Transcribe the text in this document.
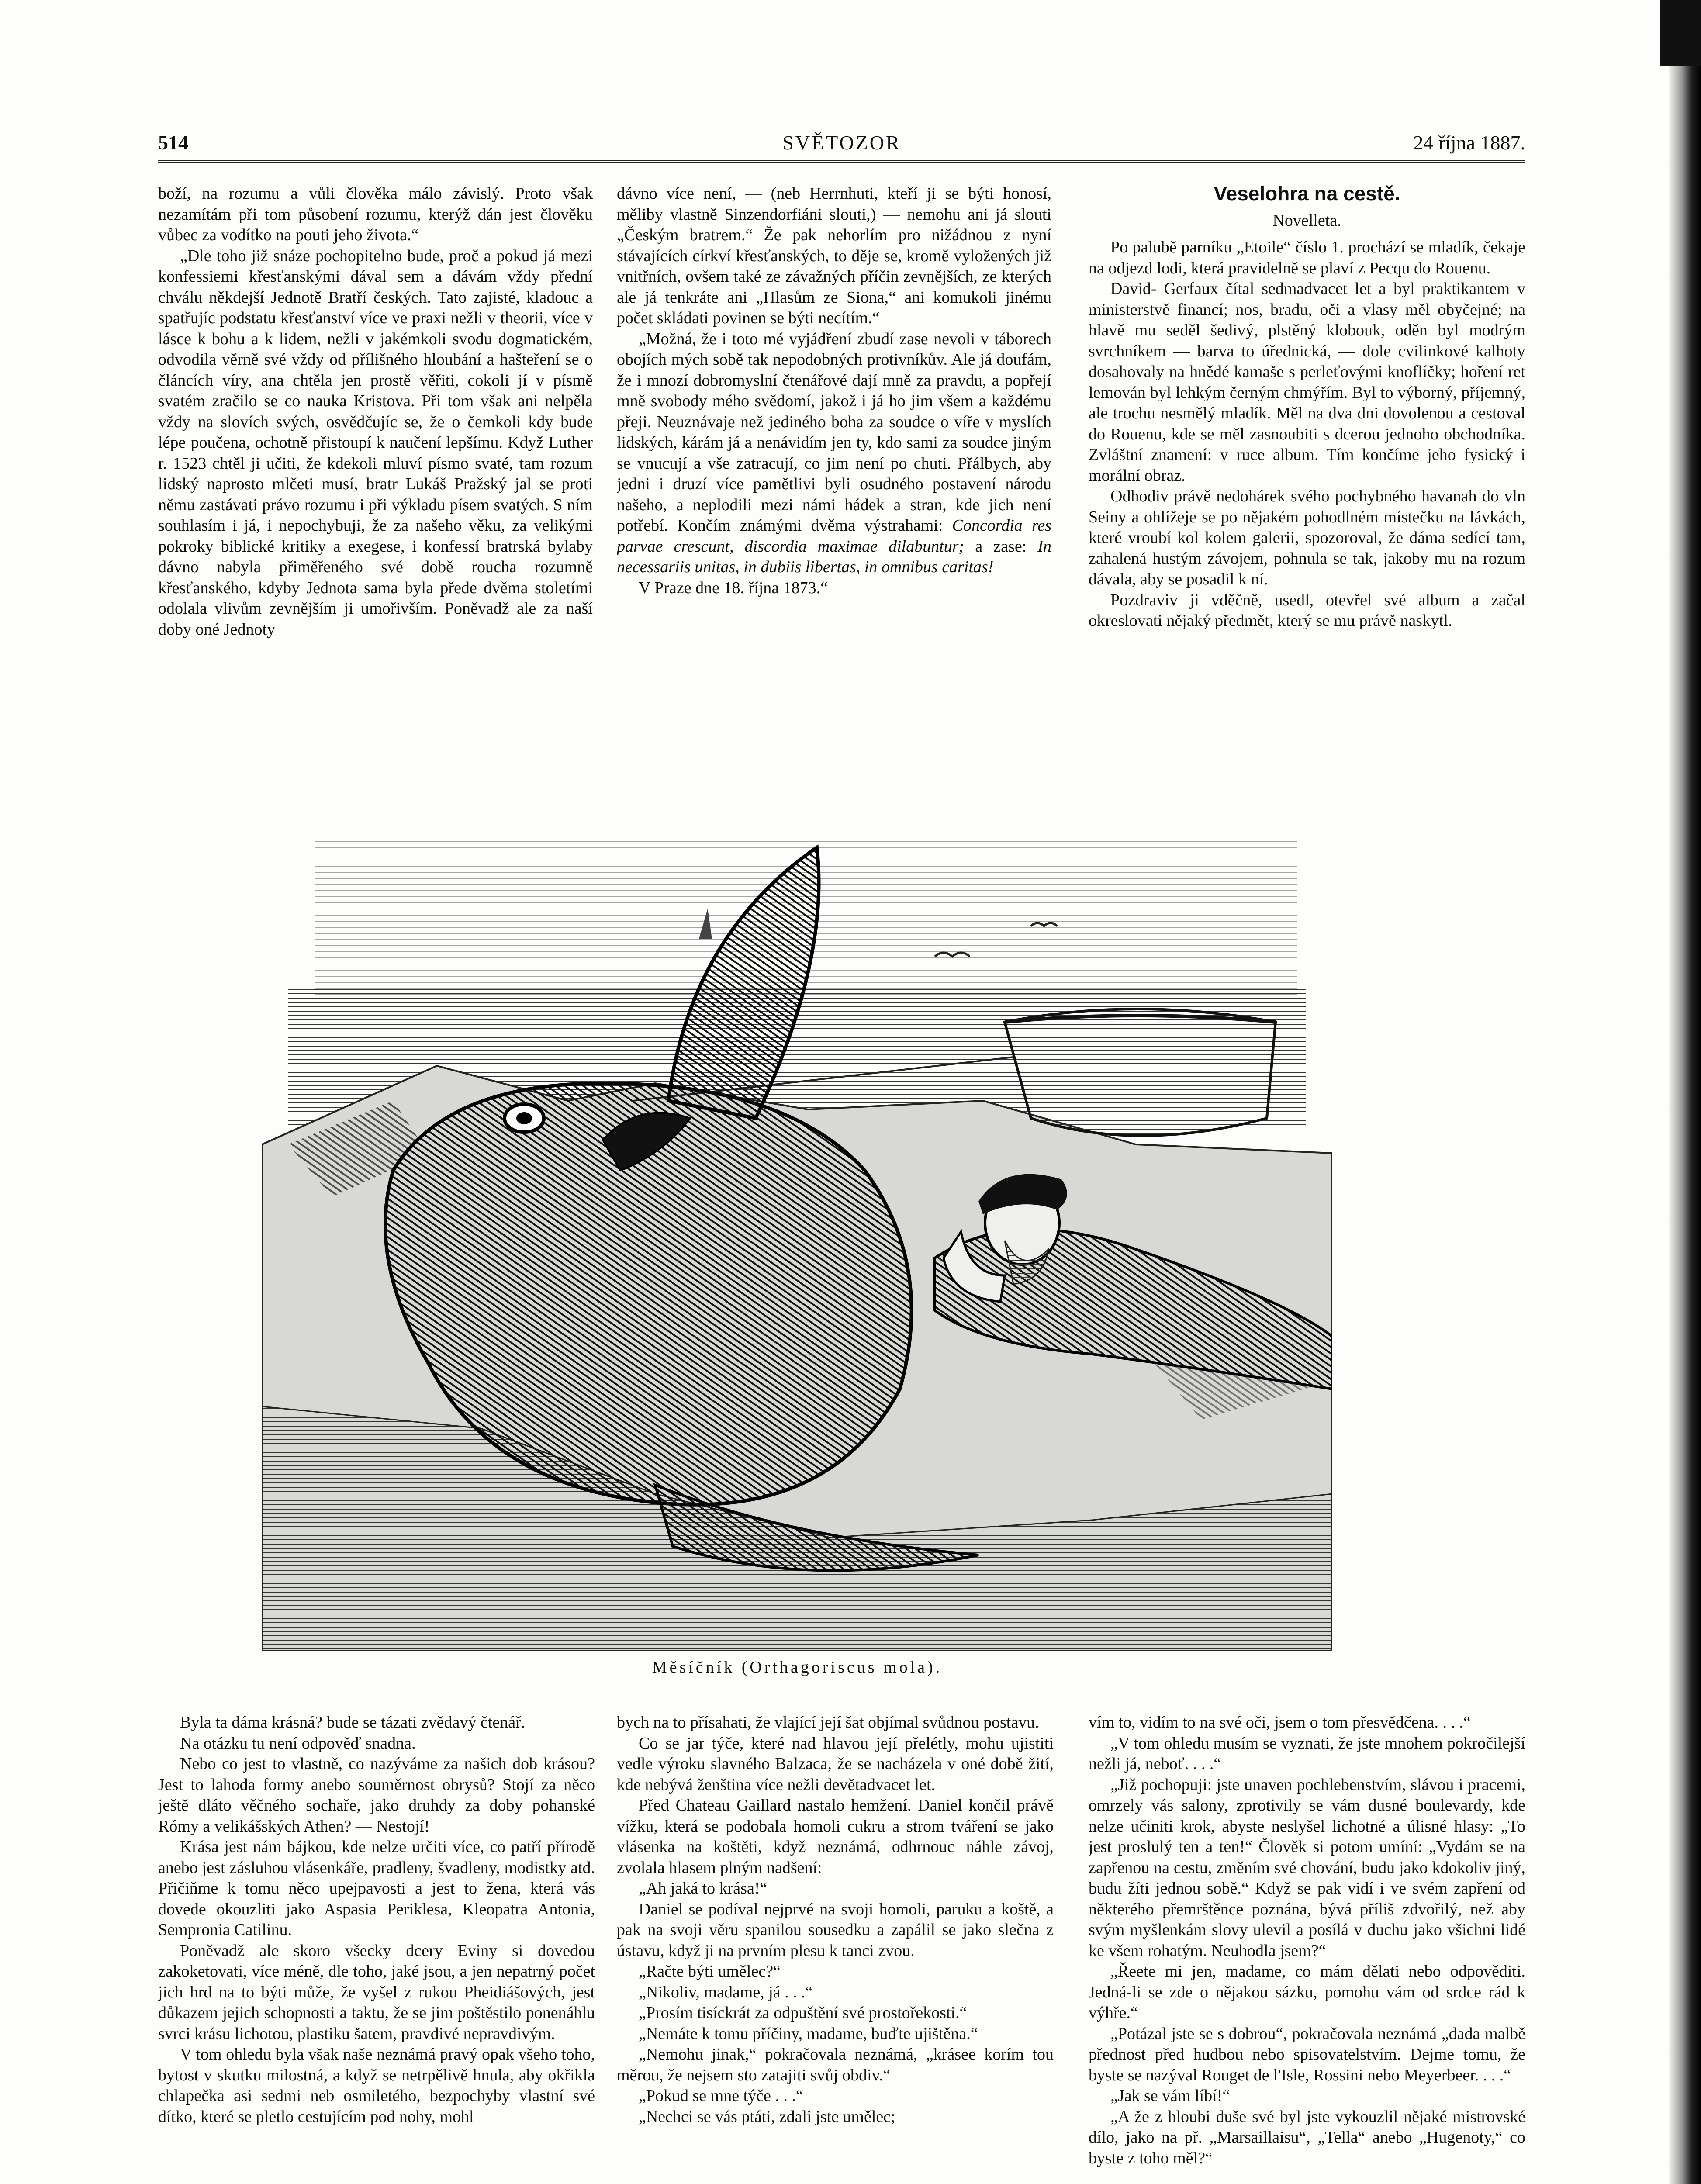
514	SVĚTOZOR	24 října 1887.

boží, na rozumu a vůli člověka málo závislý. Proto však nezamítám při tom působení rozumu, kterýž dán jest člověku vůbec za vodítko na pouti jeho života.“

„Dle toho již snáze pochopitelno bude, proč a pokud já mezi konfessiemi křesťanskými dával sem a dávám vždy přední chválu někdejší Jednotě Bratří českých. Tato zajisté, kladouc a spatřujíc podstatu křesťanství více ve praxi nežli v theorii, více v lásce k bohu a k lidem, nežli v jakémkoli svodu dogmatickém, odvodila věrně své vždy od přílišného hloubání a hašteření se o článcích víry, ana chtěla jen prostě věřiti, cokoli jí v písmě svatém zračilo se co nauka Kristova. Při tom však ani nelpěla vždy na slovích svých, osvědčujíc se, že o čemkoli kdy bude lépe poučena, ochotně přistoupí k naučení lepšímu. Když Luther r. 1523 chtěl ji učiti, že kdekoli mluví písmo svaté, tam rozum lidský naprosto mlčeti musí, bratr Lukáš Pražský jal se proti němu zastávati právo rozumu i při výkladu písem svatých. S ním souhlasím i já, i nepochybuji, že za našeho věku, za velikými pokroky biblické kritiky a exegese, i konfessí bratrská bylaby dávno nabyla přiměřeného své době roucha rozumně křesťanského, kdyby Jednota sama byla přede dvěma stoletími odolala vlivům zevnějším ji umořivším. Poněvadž ale za naší doby oné Jednoty

dávno více není, — (neb Herrnhuti, kteří ji se býti honosí, měliby vlastně Sinzendorfiáni slouti,) — nemohu ani já slouti „Českým bratrem.“ Že pak nehorlím pro nižádnou z nyní stávajících církví křesťanských, to děje se, kromě vyložených již vnitřních, ovšem také ze závažných příčin zevnějších, ze kterých ale já tenkráte ani „Hlasům ze Siona,“ ani komukoli jinému počet skládati povinen se býti necítím.“

„Možná, že i toto mé vyjádření zbudí zase nevoli v táborech obojích mých sobě tak nepodobných protivníkův. Ale já doufám, že i mnozí dobromyslní čtenářové dají mně za pravdu, a popřejí mně svobody mého svědomí, jakož i já ho jim všem a každému přeji. Neuznávaje než jediného boha za soudce o víře v myslích lidských, kárám já a nenávidím jen ty, kdo sami za soudce jiným se vnucují a vše zatracují, co jim není po chuti. Přálbych, aby jedni i druzí více pamětlivi byli osudného postavení národu našeho, a neplodili mezi námi hádek a stran, kde jich není potřebí. Končím známými dvěma výstrahami: Concordia res parvae crescunt, discordia maximae dilabuntur; a zase: In necessariis unitas, in dubiis libertas, in omnibus caritas!

V Praze dne 18. října 1873.“

Veselohra na cestě.
Novelleta.

Po palubě parníku „Etoile“ číslo 1. prochází se mladík, čekaje na odjezd lodi, která pravidelně se plaví z Pecqu do Rouenu.

David- Gerfaux čítal sedmadvacet let a byl praktikantem v ministerstvě financí; nos, bradu, oči a vlasy měl obyčejné; na hlavě mu seděl šedivý, plstěný klobouk, oděn byl modrým svrchníkem — barva to úřednická, — dole cvilinkové kalhoty dosahovaly na hnědé kamaše s perleťovými knoflíčky; hoření ret lemován byl lehkým černým chmýřím. Byl to výborný, příjemný, ale trochu nesmělý mladík. Měl na dva dni dovolenou a cestoval do Rouenu, kde se měl zasnoubiti s dcerou jednoho obchodníka. Zvláštní znamení: v ruce album. Tím končíme jeho fysický i morální obraz.

Odhodiv právě nedohárek svého pochybného havanah do vln Seiny a ohlížeje se po nějakém pohodlném místečku na lávkách, které vroubí kol kolem galerii, spozoroval, že dáma sedící tam, zahalená hustým závojem, pohnula se tak, jakoby mu na rozum dávala, aby se posadil k ní.

Pozdraviv ji vděčně, usedl, otevřel své album a začal okreslovati nějaký předmět, který se mu právě naskytl.

Měsíčník (Orthagoriscus mola).

Byla ta dáma krásná? bude se tázati zvědavý čtenář.

Na otázku tu není odpověď snadna.

Nebo co jest to vlastně, co nazýváme za našich dob krásou? Jest to lahoda formy anebo souměrnost obrysů? Stojí za něco ještě dláto věčného sochaře, jako druhdy za doby pohanské Rómy a velikášských Athen? — Nestojí!

Krása jest nám bájkou, kde nelze určiti více, co patří přírodě anebo jest zásluhou vlásenkáře, pradleny, švadleny, modistky atd. Přičiňme k tomu něco upejpavosti a jest to žena, která vás dovede okouzliti jako Aspasia Periklesa, Kleopatra Antonia, Sempronia Catilinu.

Poněvadž ale skoro všecky dcery Eviny si dovedou zakoketovati, více méně, dle toho, jaké jsou, a jen nepatrný počet jich hrd na to býti může, že vyšel z rukou Pheidiášových, jest důkazem jejich schopnosti a taktu, že se jim poštěstilo ponenáhlu svrci krásu lichotou, plastiku šatem, pravdivé nepravdivým.

V tom ohledu byla však naše neznámá pravý opak všeho toho, bytost v skutku milostná, a když se netrpělivě hnula, aby okřikla chlapečka asi sedmi neb osmiletého, bezpochyby vlastní své dítko, které se pletlo cestujícím pod nohy, mohl

bych na to přísahati, že vlající její šat objímal svůdnou postavu.

Co se jar týče, které nad hlavou její přelétly, mohu ujistiti vedle výroku slavného Balzaca, že se nacházela v oné době žití, kde nebývá ženština více nežli devětadvacet let.

Před Chateau Gaillard nastalo hemžení. Daniel končil právě vížku, která se podobala homoli cukru a strom tváření se jako vlásenka na koštěti, když neznámá, odhrnouc náhle závoj, zvolala hlasem plným nadšení:

„Ah jaká to krása!“

Daniel se podíval nejprvé na svoji homoli, paruku a koště, a pak na svoji věru spanilou sousedku a zapálil se jako slečna z ústavu, když ji na prvním plesu k tanci zvou.

„Račte býti umělec?“

„Nikoliv, madame, já . . .“

„Prosím tisíckrát za odpuštění své prostořekosti.“

„Nemáte k tomu příčiny, madame, buďte ujištěna.“

„Nemohu jinak,“ pokračovala neznámá, „krásee korím tou měrou, že nejsem sto zatajiti svůj obdiv.“

„Pokud se mne týče . . .“

„Nechci se vás ptáti, zdali jste umělec;

vím to, vidím to na své oči, jsem o tom přesvědčena. . . .“

„V tom ohledu musím se vyznati, že jste mnohem pokročilejší nežli já, neboť. . . .“

„Již pochopuji: jste unaven pochlebenstvím, slávou i pracemi, omrzely vás salony, zprotivily se vám dusné boulevardy, kde nelze učiniti krok, abyste neslyšel lichotné a úlisné hlasy: „To jest proslulý ten a ten!“ Člověk si potom umíní: „Vydám se na zapřenou na cestu, změním své chování, budu jako kdokoliv jiný, budu žíti jednou sobě.“ Když se pak vidí i ve svém zapření od některého přemrštěnce poznána, bývá příliš zdvořilý, než aby svým myšlenkám slovy ulevil a posílá v duchu jako všichni lidé ke všem rohatým. Neuhodla jsem?“

„Řeete mi jen, madame, co mám dělati nebo odpověditi. Jedná-li se zde o nějakou sázku, pomohu vám od srdce rád k výhře.“

„Potázal jste se s dobrou“, pokračovala neznámá „dada malbě přednost před hudbou nebo spisovatelstvím. Dejme tomu, že byste se nazýval Rouget de l'Isle, Rossini nebo Meyerbeer. . . .“

„Jak se vám líbí!“

„A že z hloubi duše své byl jste vykouzlil nějaké mistrovské dílo, jako na př. „Marsaillaisu“, „Tella“ anebo „Hugenoty,“ co byste z toho měl?“
